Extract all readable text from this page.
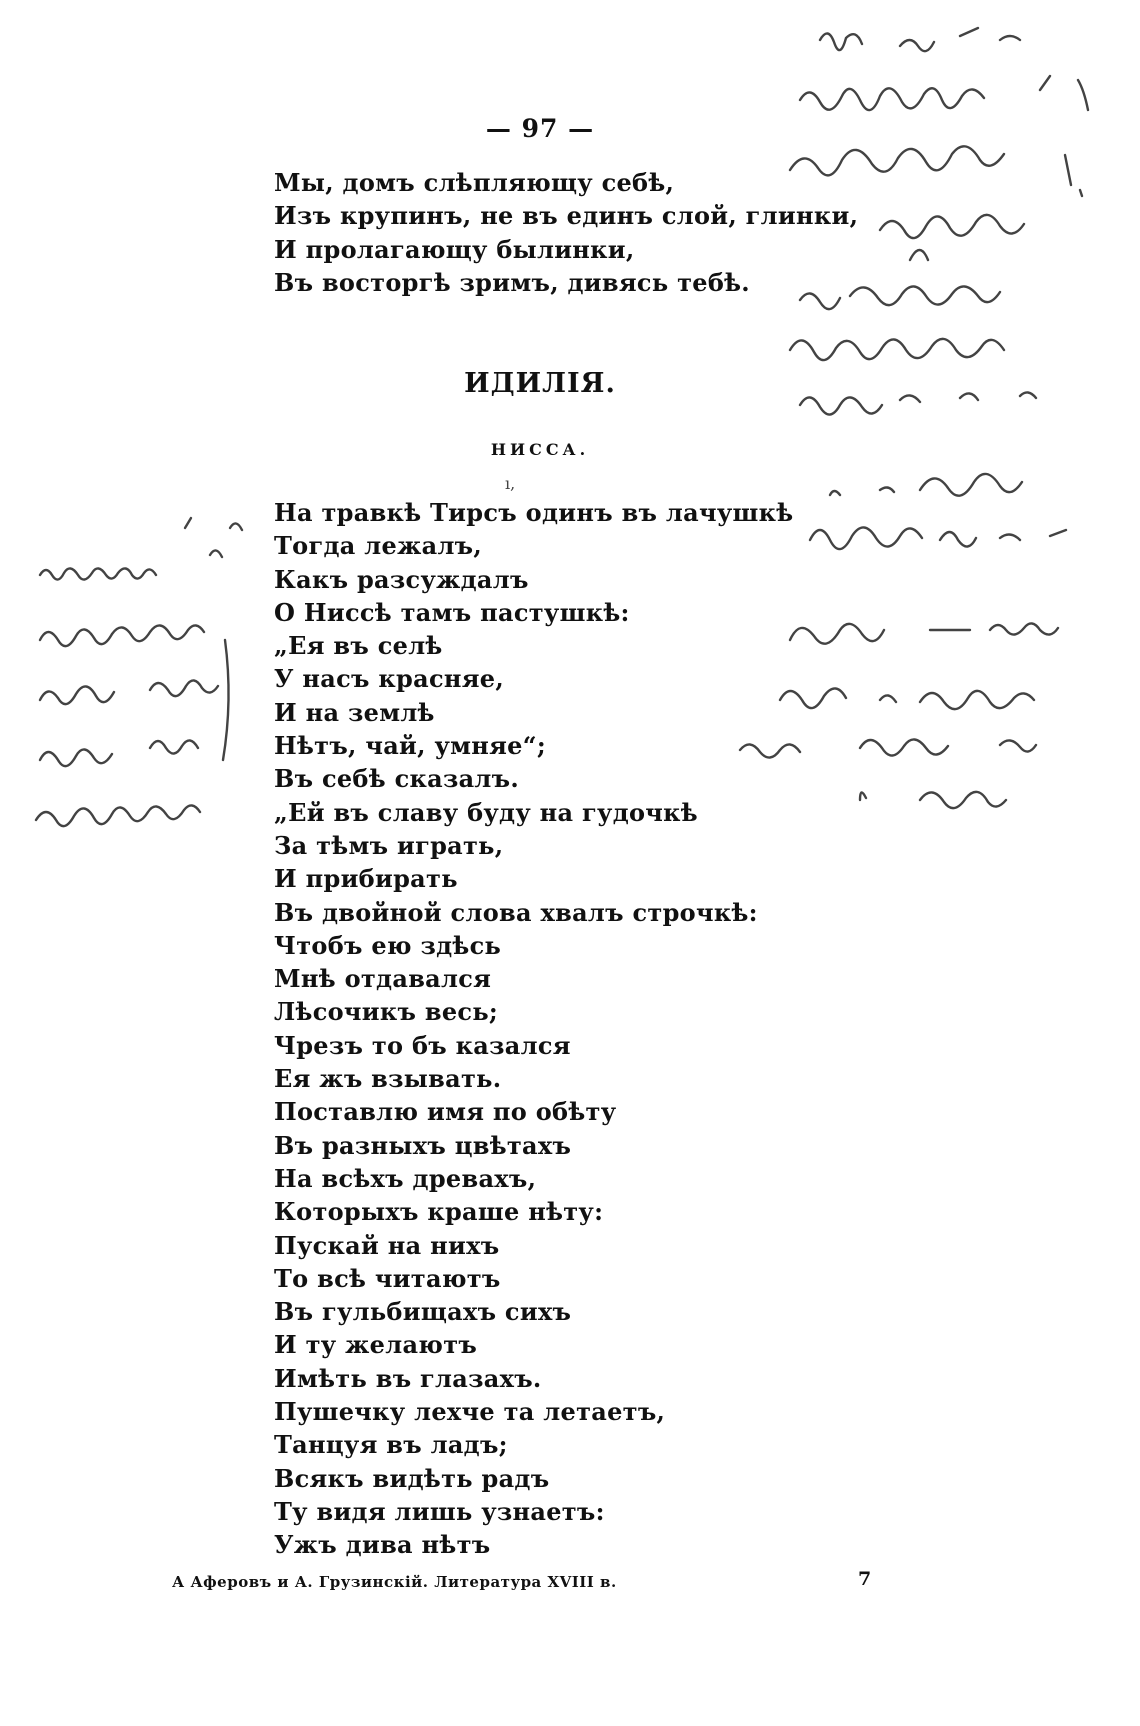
— 97 —
Мы, домъ слѣпляющу себѣ,
Изъ крупинъ, не въ единъ слой, глинки,
И пролагающу былинки,
Въ восторгѣ зримъ, дивясь тебѣ.
ИДИЛІЯ.
НИССА.
ı,
На травкѣ Тирсъ одинъ въ лачушкѣ
Тогда лежалъ,
Какъ разсуждалъ
О Ниссѣ тамъ пастушкѣ:
„Ея въ селѣ
У насъ красняе,
И на землѣ
Нѣтъ, чай, умняе“;
Въ себѣ сказалъ.
„Ей въ славу буду на гудочкѣ
За тѣмъ играть,
И прибирать
Въ двойной слова хвалъ строчкѣ:
Чтобъ ею здѣсь
Мнѣ отдавался
Лѣсочикъ весь;
Чрезъ то бъ казался
Ея жъ взывать.
Поставлю имя по обѣту
Въ разныхъ цвѣтахъ
На всѣхъ древахъ,
Которыхъ краше нѣту:
Пускай на нихъ
То всѣ читаютъ
Въ гульбищахъ сихъ
И ту желаютъ
Имѣть въ глазахъ.
Пушечку лехче та летаетъ,
Танцуя въ ладъ;
Всякъ видѣть радъ
Ту видя лишь узнаетъ:
Ужъ дива нѣтъ
А Аферовъ и А. Грузинскій. Литература XVIII в.	7
